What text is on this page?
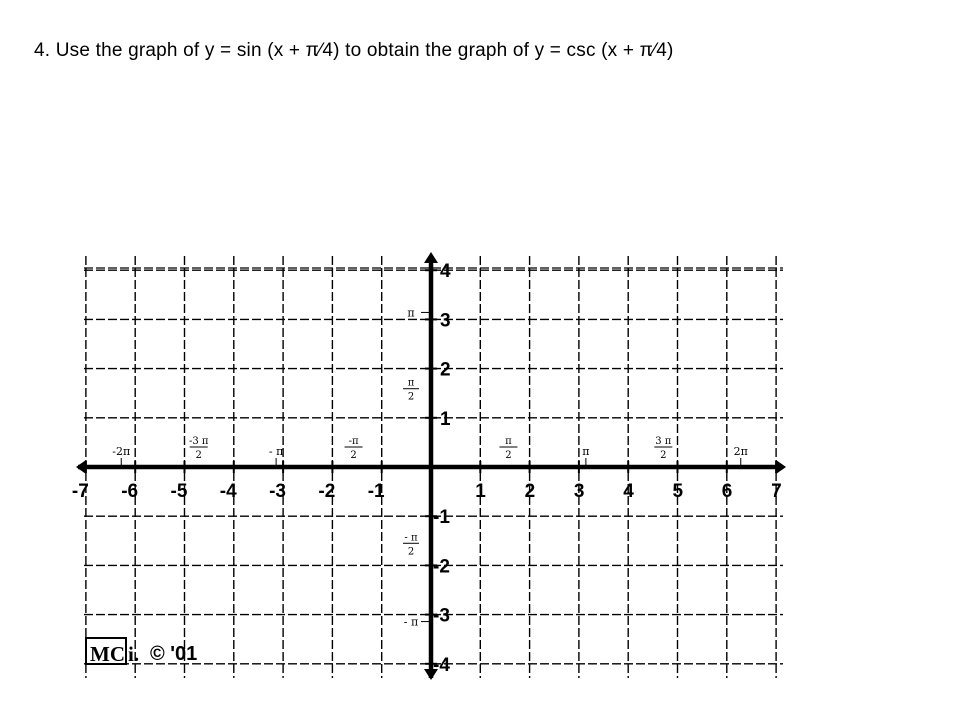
4. Use the graph of y = sin (x + π⁄4) to obtain the graph of y = csc (x + π⁄4)
-7 -6 -5 -4 -3 -2 -1	1 2 3 4 5 6 7
4
3
2
1
-1
-2
-3
-4
-2π
-3 π
2	- π
-π
2
π
2	π
3 π
2	2π
π
π
2
- π
2
- π
MC i. © '01
